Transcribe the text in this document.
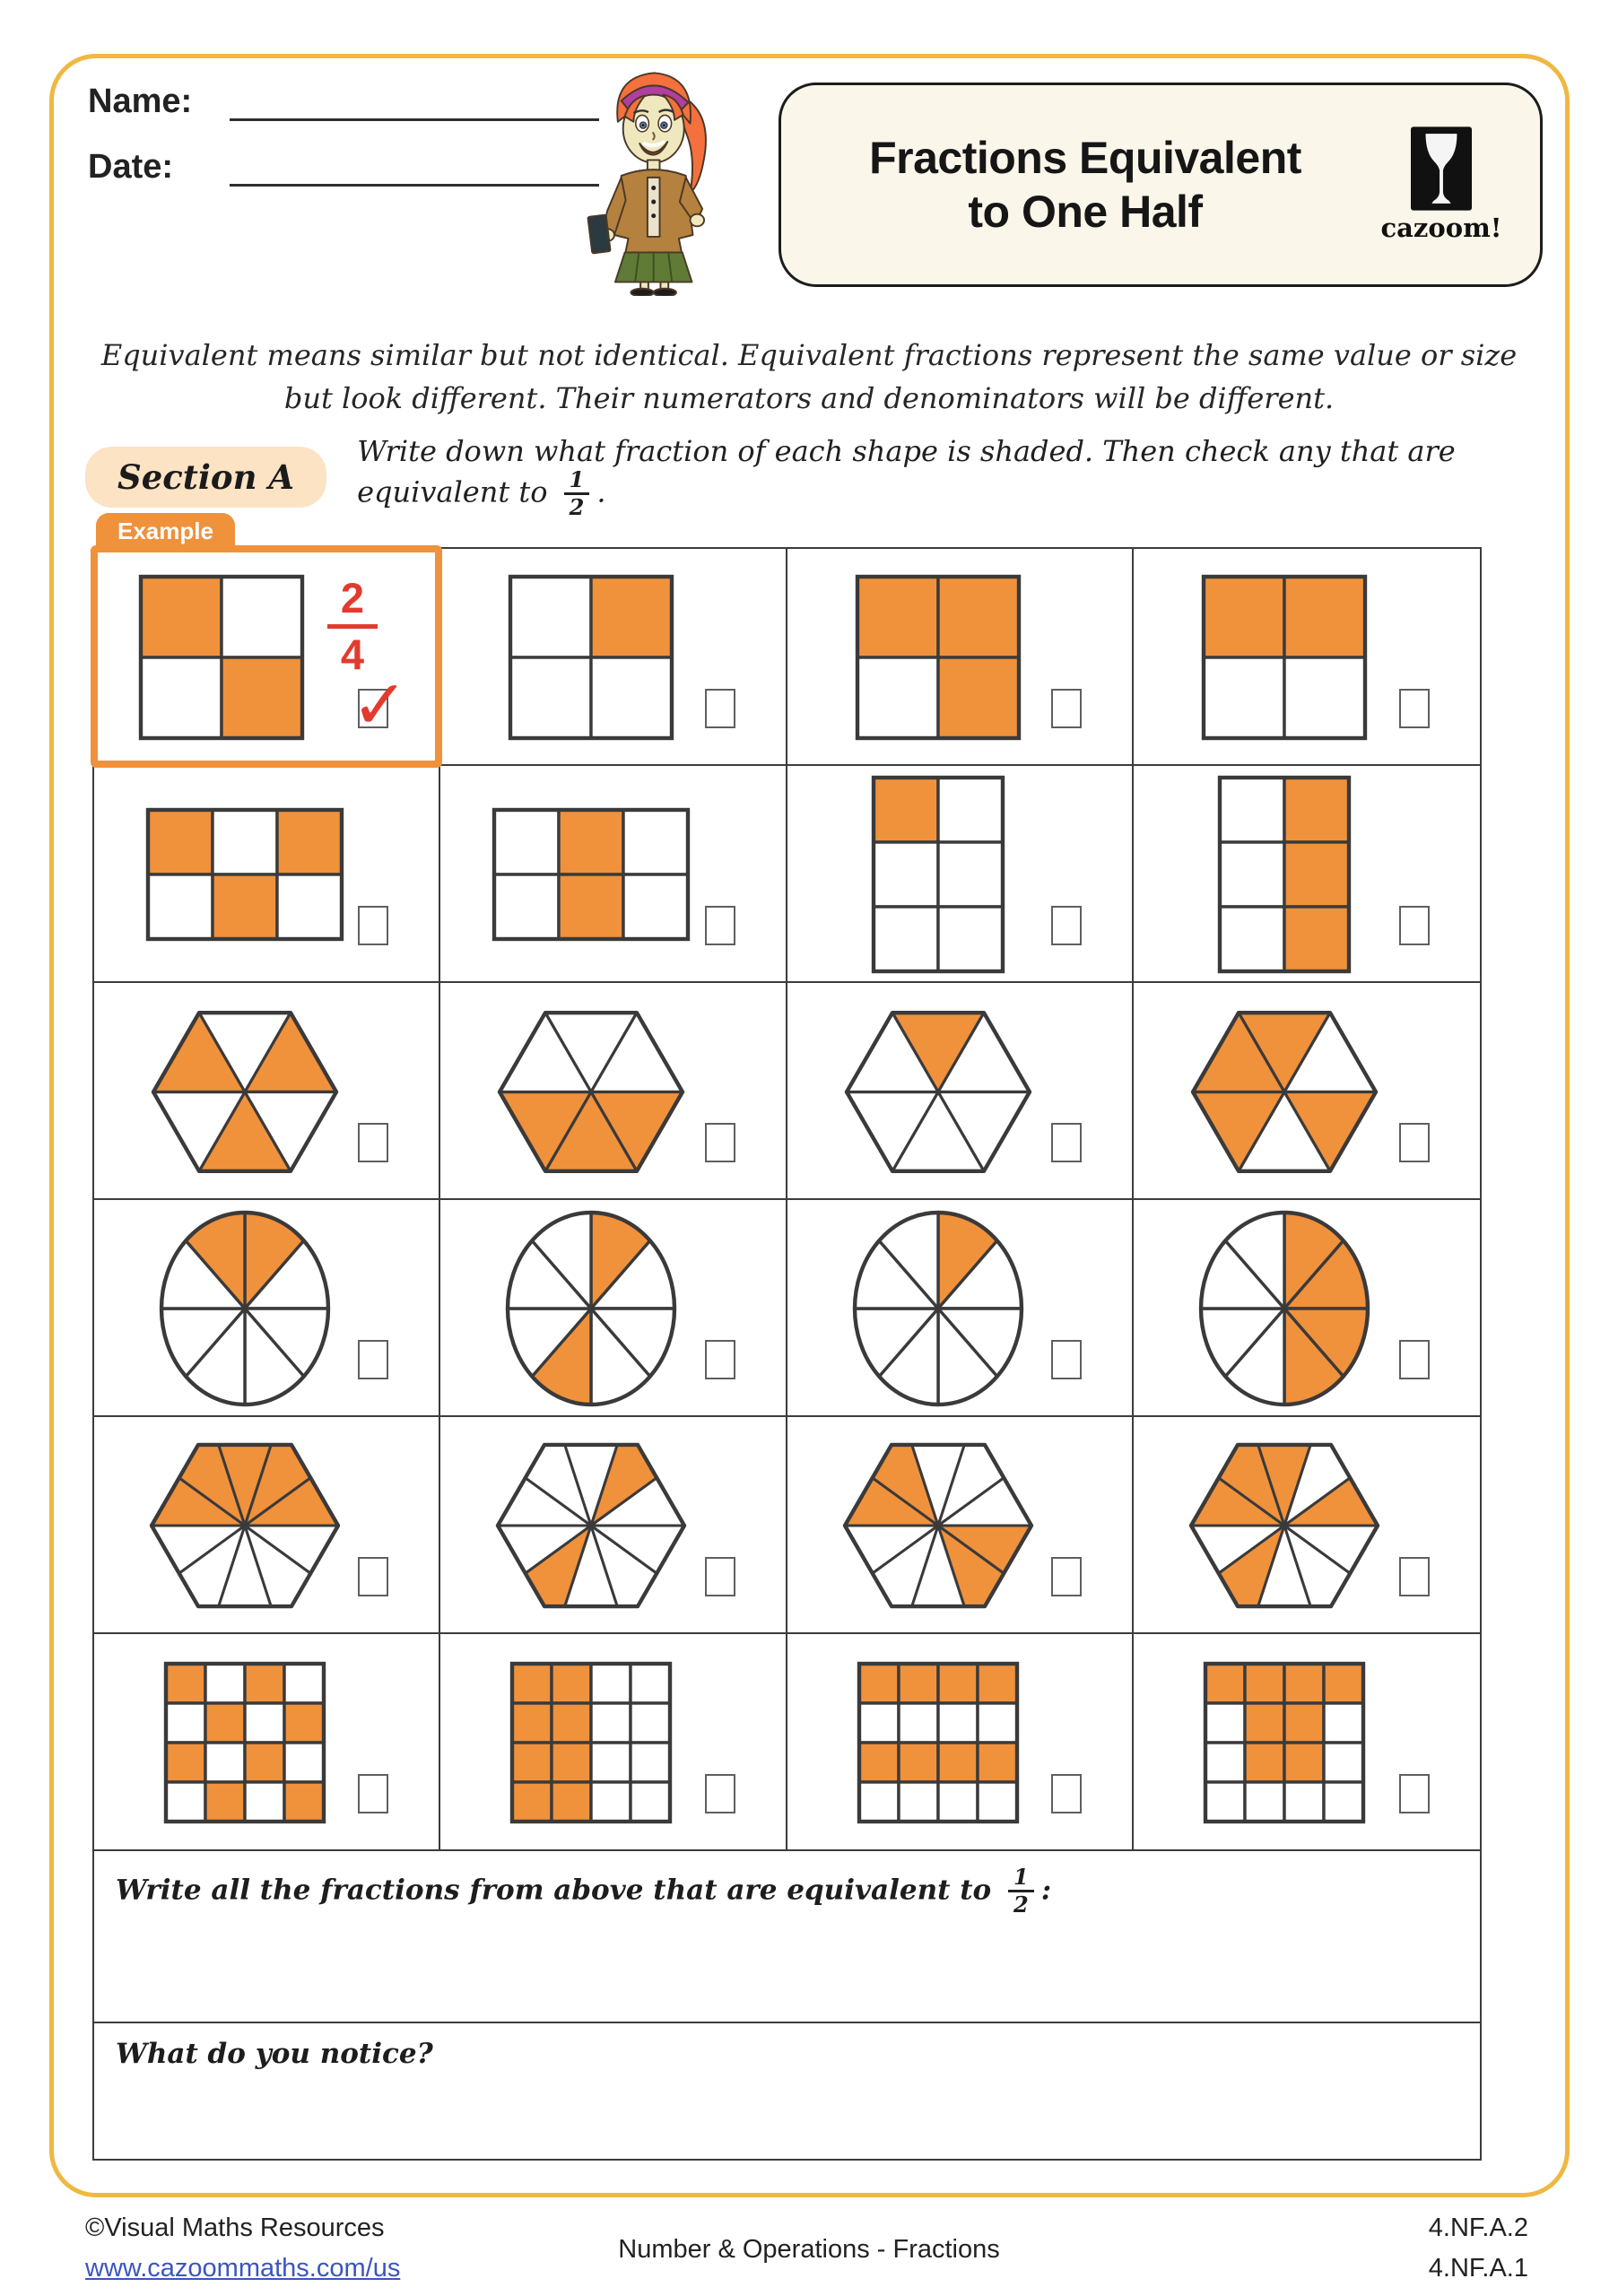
Name:
Date:	Fractions Equivalent
to One Half	cazoom!
Equivalent means similar but not identical. Equivalent fractions represent the same value or size
but look different. Their numerators and denominators will be different.
Section A
Write down what fraction of each shape is shaded. Then check any that are equivalent to $\frac{1}{2}$ .
Example
$\frac{2}{4}$
✓
Write all the fractions from above that are equivalent to $\frac{1}{2}$ :
What do you notice?
©Visual Maths Resources
www.cazoommaths.com/us
Number & Operations - Fractions
4.NF.A.2
4.NF.A.1
